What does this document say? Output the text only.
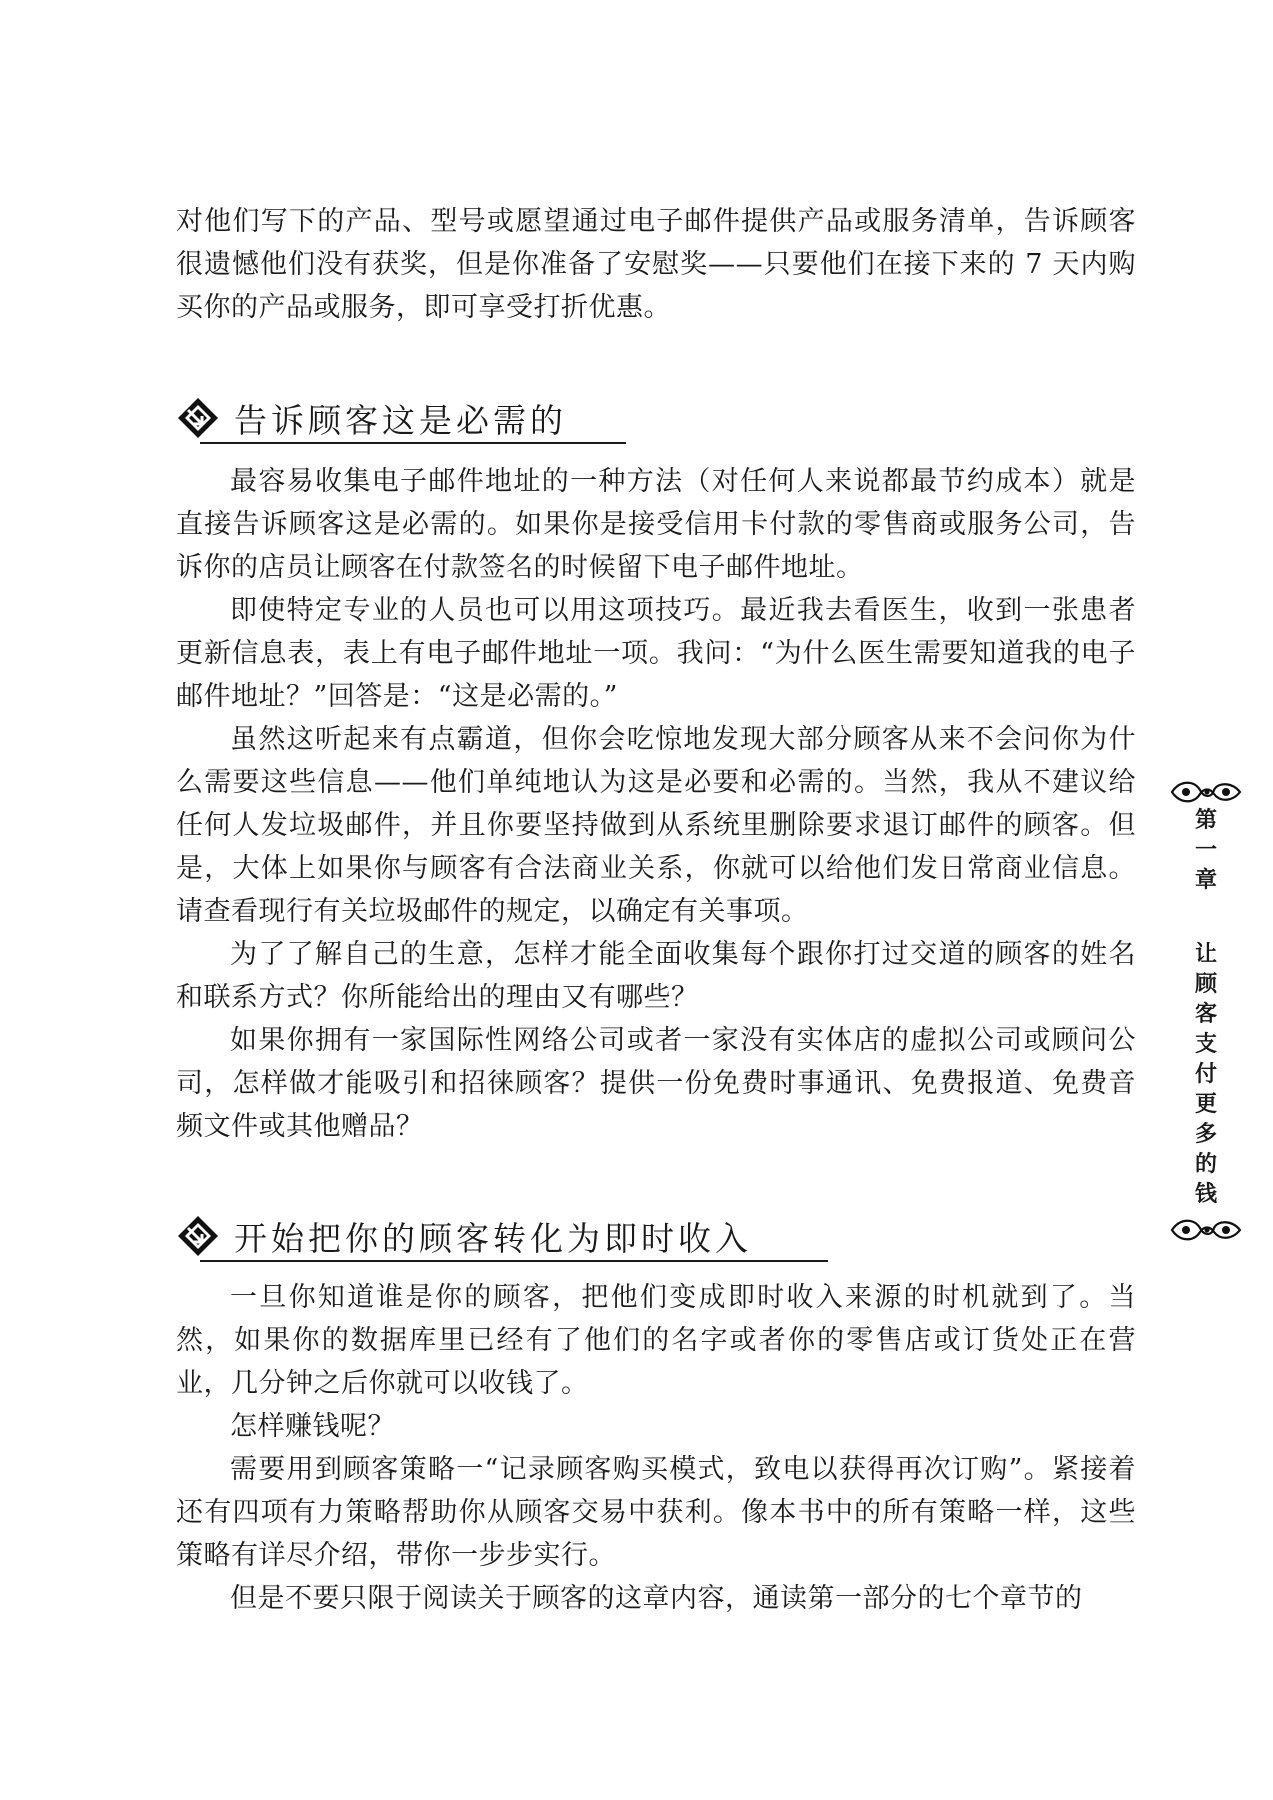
对他们写下的产品、型号或愿望通过电子邮件提供产品或服务清单，告诉顾客很遗憾他们没有获奖，但是你准备了安慰奖——只要他们在接下来的 7 天内购买你的产品或服务，即可享受打折优惠。

告诉顾客这是必需的

最容易收集电子邮件地址的一种方法（对任何人来说都最节约成本）就是直接告诉顾客这是必需的。如果你是接受信用卡付款的零售商或服务公司，告诉你的店员让顾客在付款签名的时候留下电子邮件地址。

即使特定专业的人员也可以用这项技巧。最近我去看医生，收到一张患者更新信息表，表上有电子邮件地址一项。我问：“为什么医生需要知道我的电子邮件地址？”回答是：“这是必需的。”

虽然这听起来有点霸道，但你会吃惊地发现大部分顾客从来不会问你为什么需要这些信息——他们单纯地认为这是必要和必需的。当然，我从不建议给任何人发垃圾邮件，并且你要坚持做到从系统里删除要求退订邮件的顾客。但是，大体上如果你与顾客有合法商业关系，你就可以给他们发日常商业信息。请查看现行有关垃圾邮件的规定，以确定有关事项。

为了了解自己的生意，怎样才能全面收集每个跟你打过交道的顾客的姓名和联系方式？你所能给出的理由又有哪些？

如果你拥有一家国际性网络公司或者一家没有实体店的虚拟公司或顾问公司，怎样做才能吸引和招徕顾客？提供一份免费时事通讯、免费报道、免费音频文件或其他赠品？

开始把你的顾客转化为即时收入

一旦你知道谁是你的顾客，把他们变成即时收入来源的时机就到了。当然，如果你的数据库里已经有了他们的名字或者你的零售店或订货处正在营业，几分钟之后你就可以收钱了。

怎样赚钱呢？

需要用到顾客策略一“记录顾客购买模式，致电以获得再次订购”。紧接着还有四项有力策略帮助你从顾客交易中获利。像本书中的所有策略一样，这些策略有详尽介绍，带你一步步实行。

但是不要只限于阅读关于顾客的这章内容，通读第一部分的七个章节的

第
一
章
让
顾
客
支
付
更
多
的
钱
